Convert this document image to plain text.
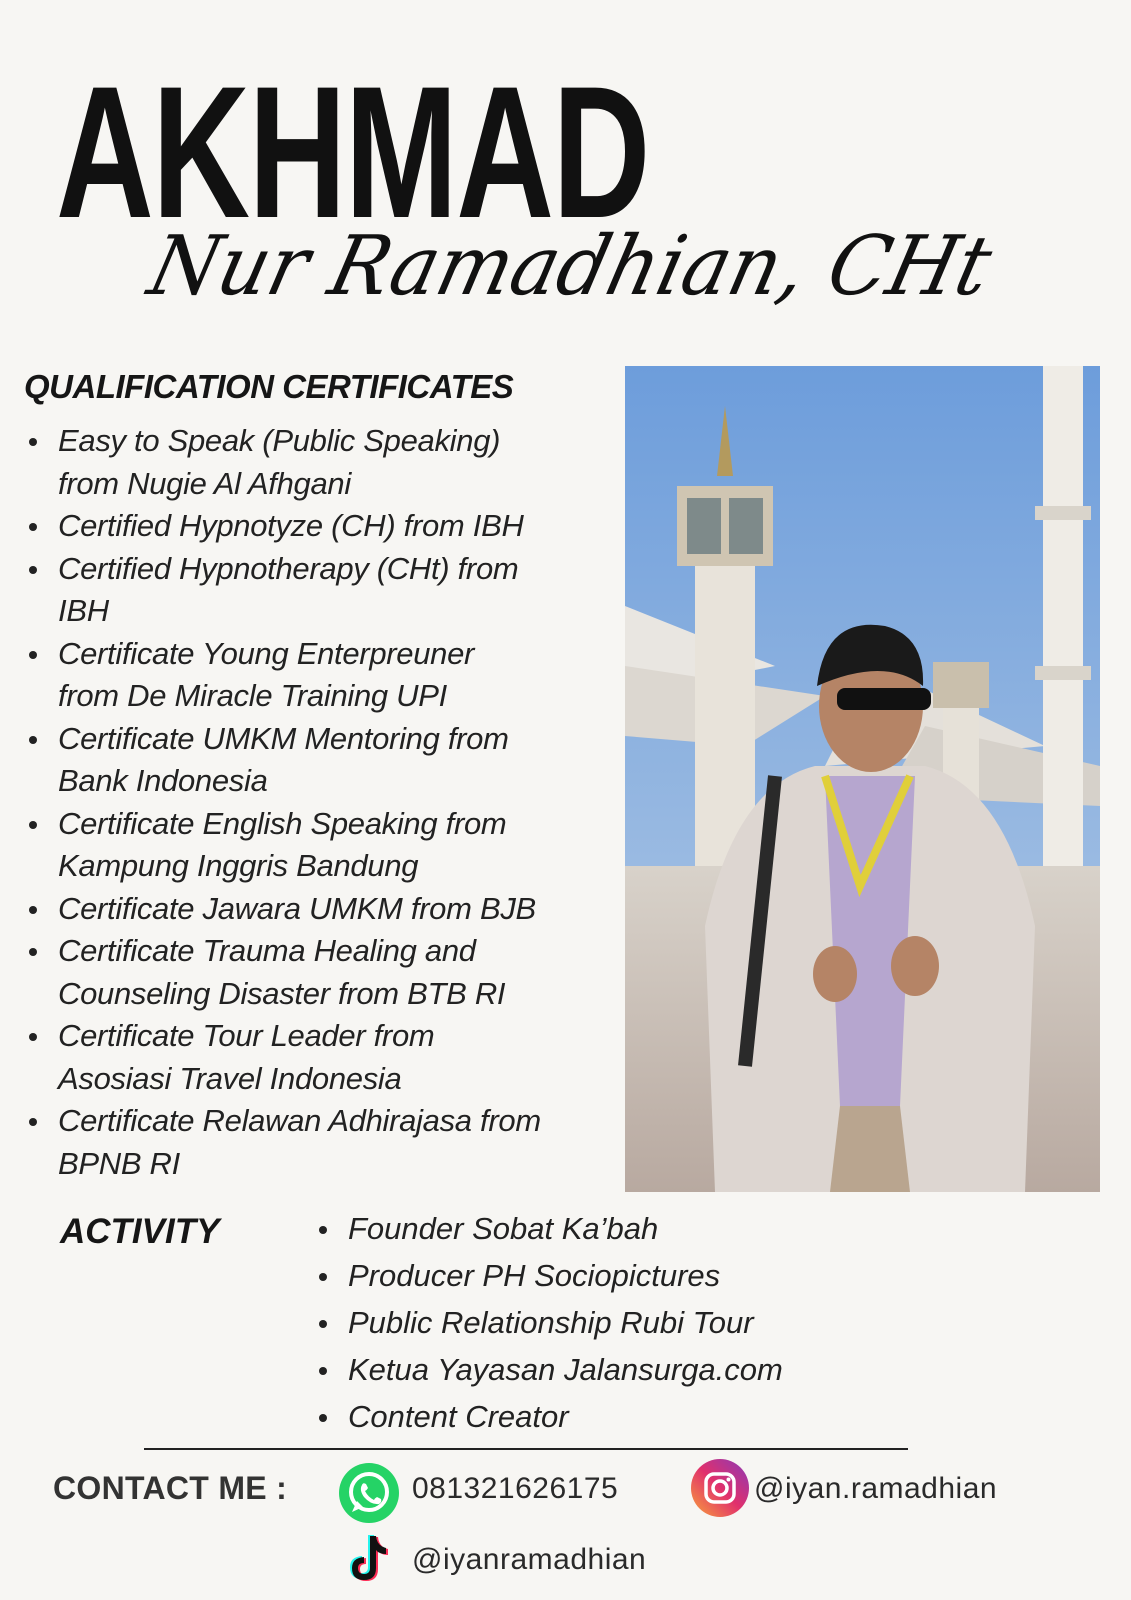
AKHMAD
Nur Ramadhian, CHt
QUALIFICATION CERTIFICATES
Easy to Speak (Public Speaking)
from Nugie Al Afhgani
Certified Hypnotyze (CH) from IBH
Certified Hypnotherapy (CHt) from
IBH
Certificate Young Enterpreuner
from De Miracle Training UPI
Certificate UMKM Mentoring from
Bank Indonesia
Certificate English Speaking from
Kampung Inggris Bandung
Certificate Jawara UMKM from BJB
Certificate Trauma Healing and
Counseling Disaster from BTB RI
Certificate Tour Leader from
Asosiasi Travel Indonesia
Certificate Relawan Adhirajasa from
BPNB RI
ACTIVITY	Founder Sobat Ka’bah
Producer PH Sociopictures
Public Relationship Rubi Tour
Ketua Yayasan Jalansurga.com
Content Creator
CONTACT ME :	081321626175	@iyan.ramadhian
@iyanramadhian
